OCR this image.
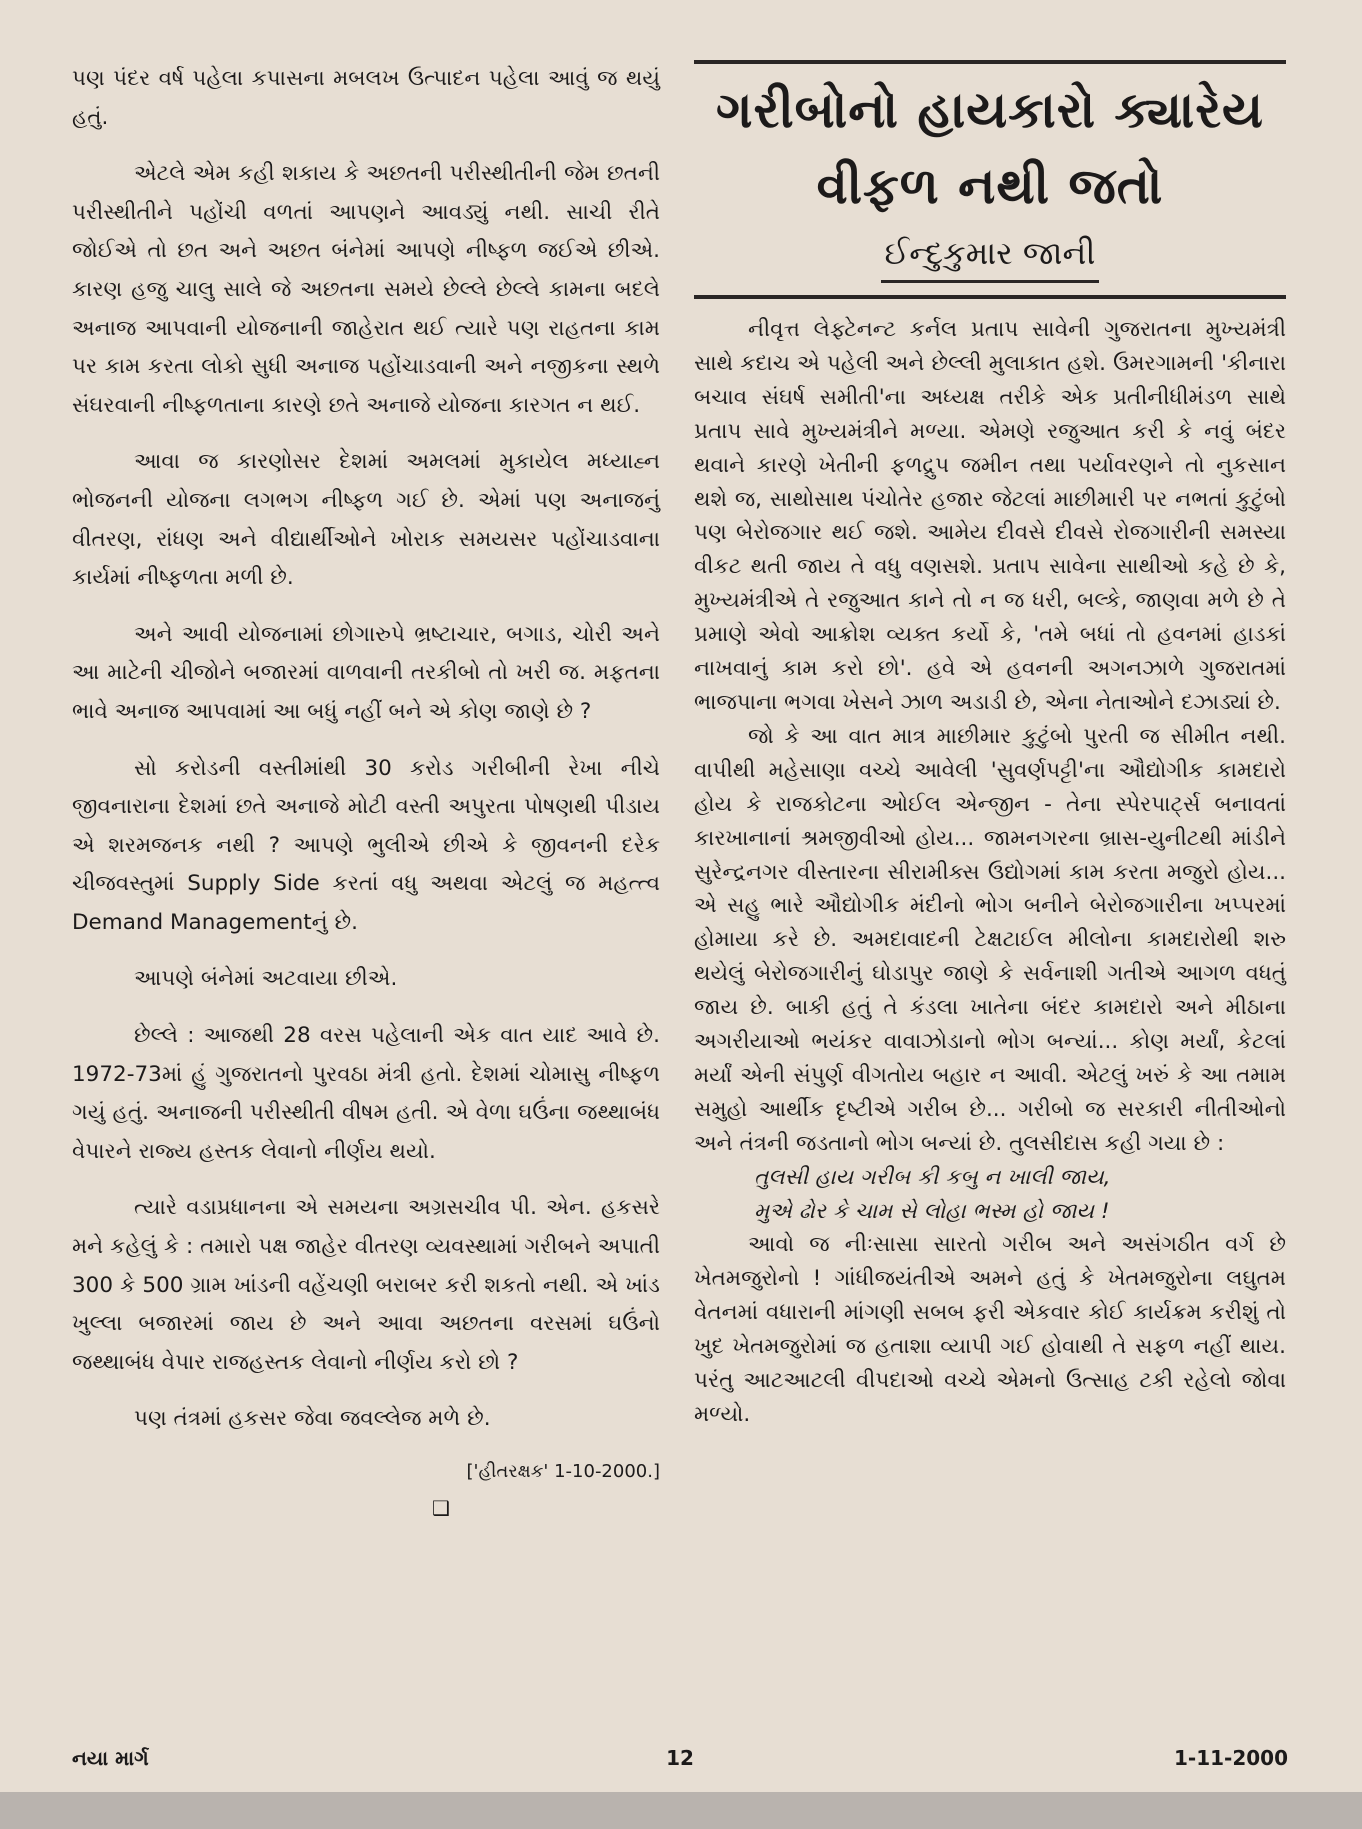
પણ પંદર વર્ષ પહેલા કપાસના મબલખ ઉત્પાદન પહેલા આવું જ થયું હતું.

એટલે એમ કહી શકાય કે અછતની પરીસ્થીતીની જેમ છતની પરીસ્થીતીને પહોંચી વળતાં આપણને આવડ્યું નથી. સાચી રીતે જોઈએ તો છત અને અછત બંનેમાં આપણે નીષ્ફળ જઈએ છીએ. કારણ હજુ ચાલુ સાલે જે અછતના સમયે છેલ્લે છેલ્લે કામના બદલે અનાજ આપવાની યોજનાની જાહેરાત થઈ ત્યારે પણ રાહતના કામ પર કામ કરતા લોકો સુધી અનાજ પહોંચાડવાની અને નજીકના સ્થળે સંઘરવાની નીષ્ફળતાના કારણે છતે અનાજે યોજના કારગત ન થઈ.

આવા જ કારણોસર દેશમાં અમલમાં મુકાયેલ મધ્યાહ્ન ભોજનની યોજના લગભગ નીષ્ફળ ગઈ છે. એમાં પણ અનાજનું વીતરણ, રાંધણ અને વીદ્યાર્થીઓને ખોરાક સમયસર પહોંચાડવાના કાર્યમાં નીષ્ફળતા મળી છે.

અને આવી યોજનામાં છોગારુપે ભ્રષ્ટાચાર, બગાડ, ચોરી અને આ માટેની ચીજોને બજારમાં વાળવાની તરકીબો તો ખરી જ. મફતના ભાવે અનાજ આપવામાં આ બધું નહીં બને એ કોણ જાણે છે ?

સો કરોડની વસ્તીમાંથી 30 કરોડ ગરીબીની રેખા નીચે જીવનારાના દેશમાં છતે અનાજે મોટી વસ્તી અપુરતા પોષણથી પીડાય એ શરમજનક નથી ? આપણે ભુલીએ છીએ કે જીવનની દરેક ચીજવસ્તુમાં Supply Side કરતાં વધુ અથવા એટલું જ મહત્ત્વ Demand Managementનું છે.

આપણે બંનેમાં અટવાયા છીએ.

છેલ્લે : આજથી 28 વરસ પહેલાની એક વાત યાદ આવે છે. 1972-73માં હું ગુજરાતનો પુરવઠા મંત્રી હતો. દેશમાં ચોમાસુ નીષ્ફળ ગયું હતું. અનાજની પરીસ્થીતી વીષમ હતી. એ વેળા ઘઉંના જથ્થાબંધ વેપારને રાજ્ય હસ્તક લેવાનો નીર્ણય થયો.

ત્યારે વડાપ્રધાનના એ સમયના અગ્રસચીવ પી. એન. હકસરે મને કહેલું કે : તમારો પક્ષ જાહેર વીતરણ વ્યવસ્થામાં ગરીબને અપાતી 300 કે 500 ગ્રામ ખાંડની વહેંચણી બરાબર કરી શકતો નથી. એ ખાંડ ખુલ્લા બજારમાં જાય છે અને આવા અછતના વરસમાં ઘઉંનો જથ્થાબંધ વેપાર રાજહસ્તક લેવાનો નીર્ણય કરો છો ?

પણ તંત્રમાં હકસર જેવા જવલ્લેજ મળે છે.

['હીતરક્ષક' 1-10-2000.]
❑
ગરીબોનો હાયકારો ક્યારેય
વીફળ નથી જતો
ઈન્દુકુમાર જાની

નીવૃત્ત લેફ્ટેનન્ટ કર્નલ પ્રતાપ સાવેની ગુજરાતના મુખ્યમંત્રી સાથે કદાચ એ પહેલી અને છેલ્લી મુલાકાત હશે. ઉમરગામની 'કીનારા બચાવ સંઘર્ષ સમીતી'ના અધ્યક્ષ તરીકે એક પ્રતીનીધીમંડળ સાથે પ્રતાપ સાવે મુખ્યમંત્રીને મળ્યા. એમણે રજુઆત કરી કે નવું બંદર થવાને કારણે ખેતીની ફળદ્રુપ જમીન તથા પર્યાવરણને તો નુકસાન થશે જ, સાથોસાથ પંચોતેર હજાર જેટલાં માછીમારી પર નભતાં કુટુંબો પણ બેરોજગાર થઈ જશે. આમેય દીવસે દીવસે રોજગારીની સમસ્યા વીકટ થતી જાય તે વધુ વણસશે. પ્રતાપ સાવેના સાથીઓ કહે છે કે, મુખ્યમંત્રીએ તે રજુઆત કાને તો ન જ ધરી, બલ્કે, જાણવા મળે છે તે પ્રમાણે એવો આક્રોશ વ્યક્ત કર્યો કે, 'તમે બધાં તો હવનમાં હાડકાં નાખવાનું કામ કરો છો'. હવે એ હવનની અગનઝાળે ગુજરાતમાં ભાજપાના ભગવા ખેસને ઝાળ અડાડી છે, એના નેતાઓને દઝાડ્યાં છે.

જો કે આ વાત માત્ર માછીમાર કુટુંબો પુરતી જ સીમીત નથી. વાપીથી મહેસાણા વચ્ચે આવેલી 'સુવર્ણપટ્ટી'ના ઔદ્યોગીક કામદારો હોય કે રાજકોટના ઓઈલ એન્જીન - તેના સ્પેરપાર્ટ્સ બનાવતાં કારખાનાનાં શ્રમજીવીઓ હોય... જામનગરના બ્રાસ-યુનીટથી માંડીને સુરેન્દ્રનગર વીસ્તારના સીરામીક્સ ઉદ્યોગમાં કામ કરતા મજુરો હોય... એ સહુ ભારે ઔદ્યોગીક મંદીનો ભોગ બનીને બેરોજગારીના ખપ્પરમાં હોમાયા કરે છે. અમદાવાદની ટેક્ષટાઈલ મીલોના કામદારોથી શરુ થયેલું બેરોજગારીનું ઘોડાપુર જાણે કે સર્વનાશી ગતીએ આગળ વધતું જાય છે. બાકી હતું તે કંડલા ખાતેના બંદર કામદારો અને મીઠાના અગરીયાઓ ભયંકર વાવાઝોડાનો ભોગ બન્યાં... કોણ મર્યાં, કેટલાં મર્યાં એની સંપુર્ણ વીગતોય બહાર ન આવી. એટલું ખરું કે આ તમામ સમુહો આર્થીક દૃષ્ટીએ ગરીબ છે... ગરીબો જ સરકારી નીતીઓનો અને તંત્રની જડતાનો ભોગ બન્યાં છે. તુલસીદાસ કહી ગયા છે :

તુલસી હાય ગરીબ કી કબુ ન ખાલી જાય,
મુએ ઢોર કે ચામ સે લોહા ભસ્મ હો જાય !

આવો જ નીઃસાસા સારતો ગરીબ અને અસંગઠીત વર્ગ છે ખેતમજુરોનો ! ગાંધીજયંતીએ અમને હતું કે ખેતમજુરોના લઘુતમ વેતનમાં વધારાની માંગણી સબબ ફરી એકવાર કોઈ કાર્યક્રમ કરીશું તો ખુદ ખેતમજુરોમાં જ હતાશા વ્યાપી ગઈ હોવાથી તે સફળ નહીં થાય. પરંતુ આટઆટલી વીપદાઓ વચ્ચે એમનો ઉત્સાહ ટકી રહેલો જોવા મળ્યો.

નયા માર્ગ	12	1-11-2000
